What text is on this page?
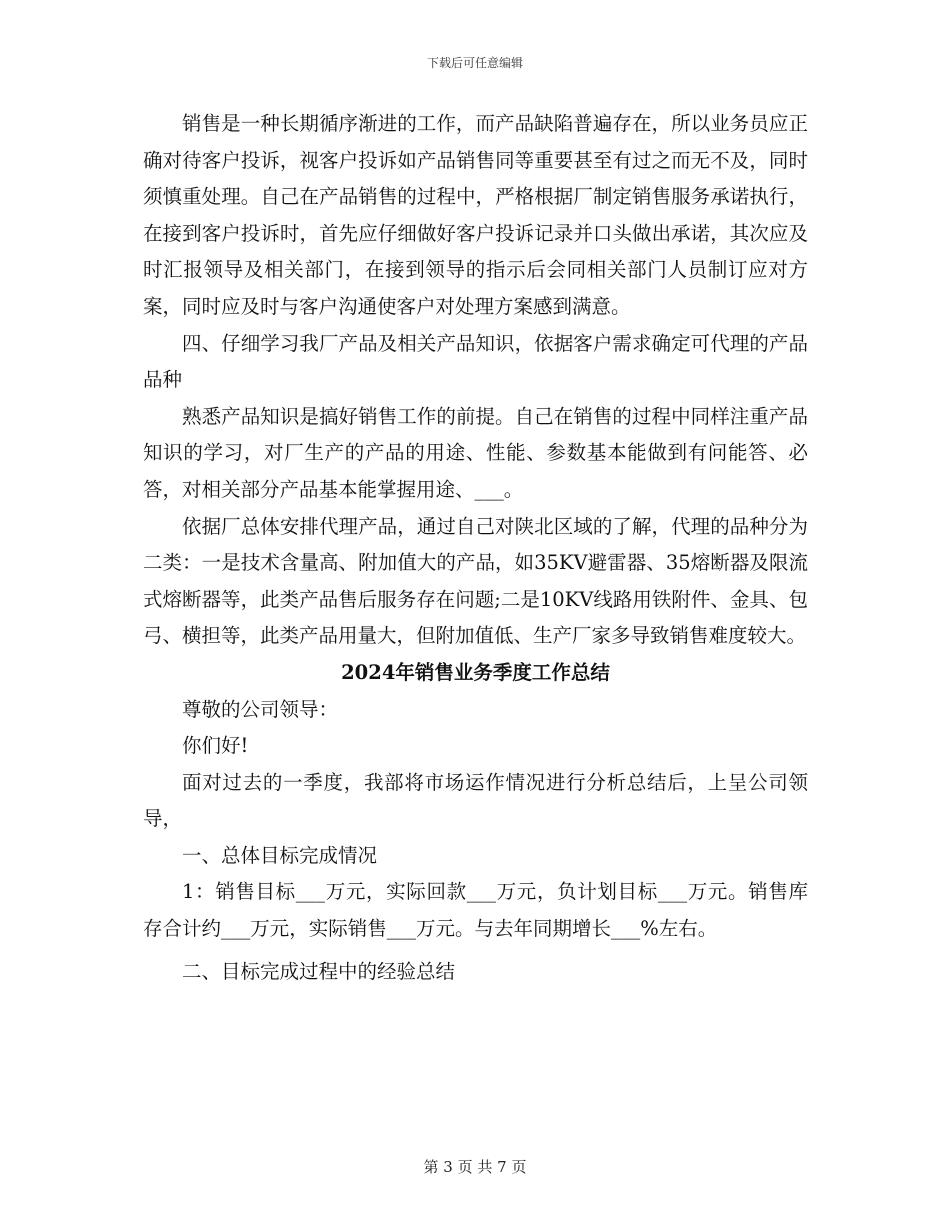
下载后可任意编辑

销售是一种长期循序渐进的工作，而产品缺陷普遍存在，所以业务员应正确对待客户投诉，视客户投诉如产品销售同等重要甚至有过之而无不及，同时须慎重处理。自己在产品销售的过程中，严格根据厂制定销售服务承诺执行，在接到客户投诉时，首先应仔细做好客户投诉记录并口头做出承诺，其次应及时汇报领导及相关部门，在接到领导的指示后会同相关部门人员制订应对方案，同时应及时与客户沟通使客户对处理方案感到满意。

四、仔细学习我厂产品及相关产品知识，依据客户需求确定可代理的产品品种

熟悉产品知识是搞好销售工作的前提。自己在销售的过程中同样注重产品知识的学习，对厂生产的产品的用途、性能、参数基本能做到有问能答、必答，对相关部分产品基本能掌握用途、___。

依据厂总体安排代理产品，通过自己对陕北区域的了解，代理的品种分为二类：一是技术含量高、附加值大的产品，如35KV避雷器、35熔断器及限流式熔断器等，此类产品售后服务存在问题;二是10KV线路用铁附件、金具、包弓、横担等，此类产品用量大，但附加值低、生产厂家多导致销售难度较大。

2024年销售业务季度工作总结

尊敬的公司领导：

你们好!

面对过去的一季度，我部将市场运作情况进行分析总结后，上呈公司领导，

一、总体目标完成情况

1：销售目标___万元，实际回款___万元，负计划目标___万元。销售库存合计约___万元，实际销售___万元。与去年同期增长___%左右。

二、目标完成过程中的经验总结

第 3 页 共 7 页
